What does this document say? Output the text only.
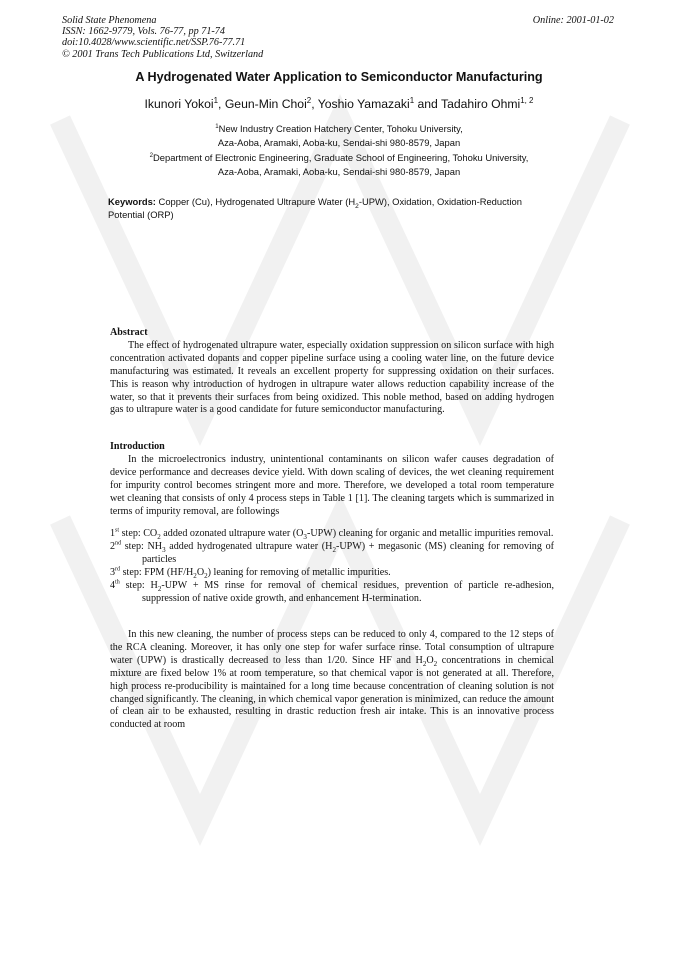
Solid State Phenomena
ISSN: 1662-9779, Vols. 76-77, pp 71-74
doi:10.4028/www.scientific.net/SSP.76-77.71
© 2001 Trans Tech Publications Ltd, Switzerland
Online: 2001-01-02
A Hydrogenated Water Application to Semiconductor Manufacturing
Ikunori Yokoi$^1$, Geun-Min Choi$^2$, Yoshio Yamazaki$^1$ and Tadahiro Ohmi$^{1, 2}$
$^1$New Industry Creation Hatchery Center, Tohoku University,
Aza-Aoba, Aramaki, Aoba-ku, Sendai-shi 980-8579, Japan
$^2$Department of Electronic Engineering, Graduate School of Engineering, Tohoku University,
Aza-Aoba, Aramaki, Aoba-ku, Sendai-shi 980-8579, Japan
Keywords: Copper (Cu), Hydrogenated Ultrapure Water $(H_2-UPW)$, Oxidation, Oxidation-Reduction Potential (ORP)
Abstract
The effect of hydrogenated ultrapure water, especially oxidation suppression on silicon surface with high concentration activated dopants and copper pipeline surface using a cooling water line, on the future device manufacturing was estimated. It reveals an excellent property for suppressing oxidation on their surfaces. This is reason why introduction of hydrogen in ultrapure water allows reduction capability increase of the water, so that it prevents their surfaces from being oxidized. This noble method, based on adding hydrogen gas to ultrapure water is a good candidate for future semiconductor manufacturing.
Introduction
In the microelectronics industry, unintentional contaminants on silicon wafer causes degradation of device performance and decreases device yield. With down scaling of devices, the wet cleaning requirement for impurity control becomes stringent more and more. Therefore, we developed a total room temperature wet cleaning that consists of only 4 process steps in Table 1 [1]. The cleaning targets which is summarized in terms of impurity removal, are followings
1st step: $CO_2$ added ozonated ultrapure water $(O_3-UPW)$ cleaning for organic and metallic impurities removal.
2nd step: $NH_3$ added hydrogenated ultrapure water $(H_2-UPW)$ + megasonic (MS) cleaning for removing of particles
3rd step: FPM $(HF/H_2O_2)$ leaning for removing of metallic impurities.
4th step: $H_2$-UPW + MS rinse for removal of chemical residues, prevention of particle re-adhesion, suppression of native oxide growth, and enhancement H-termination.
In this new cleaning, the number of process steps can be reduced to only 4, compared to the 12 steps of the RCA cleaning. Moreover, it has only one step for wafer surface rinse. Total consumption of ultrapure water (UPW) is drastically decreased to less than 1/20. Since HF and $H_2O_2$ concentrations in chemical mixture are fixed below 1% at room temperature, so that chemical vapor is not generated at all. Therefore, high process re-producibility is maintained for a long time because concentration of cleaning solution is not changed significantly. The cleaning, in which chemical vapor generation is minimized, can reduce the amount of clean air to be exhausted, resulting in drastic reduction fresh air intake. This is an innovative process conducted at room
